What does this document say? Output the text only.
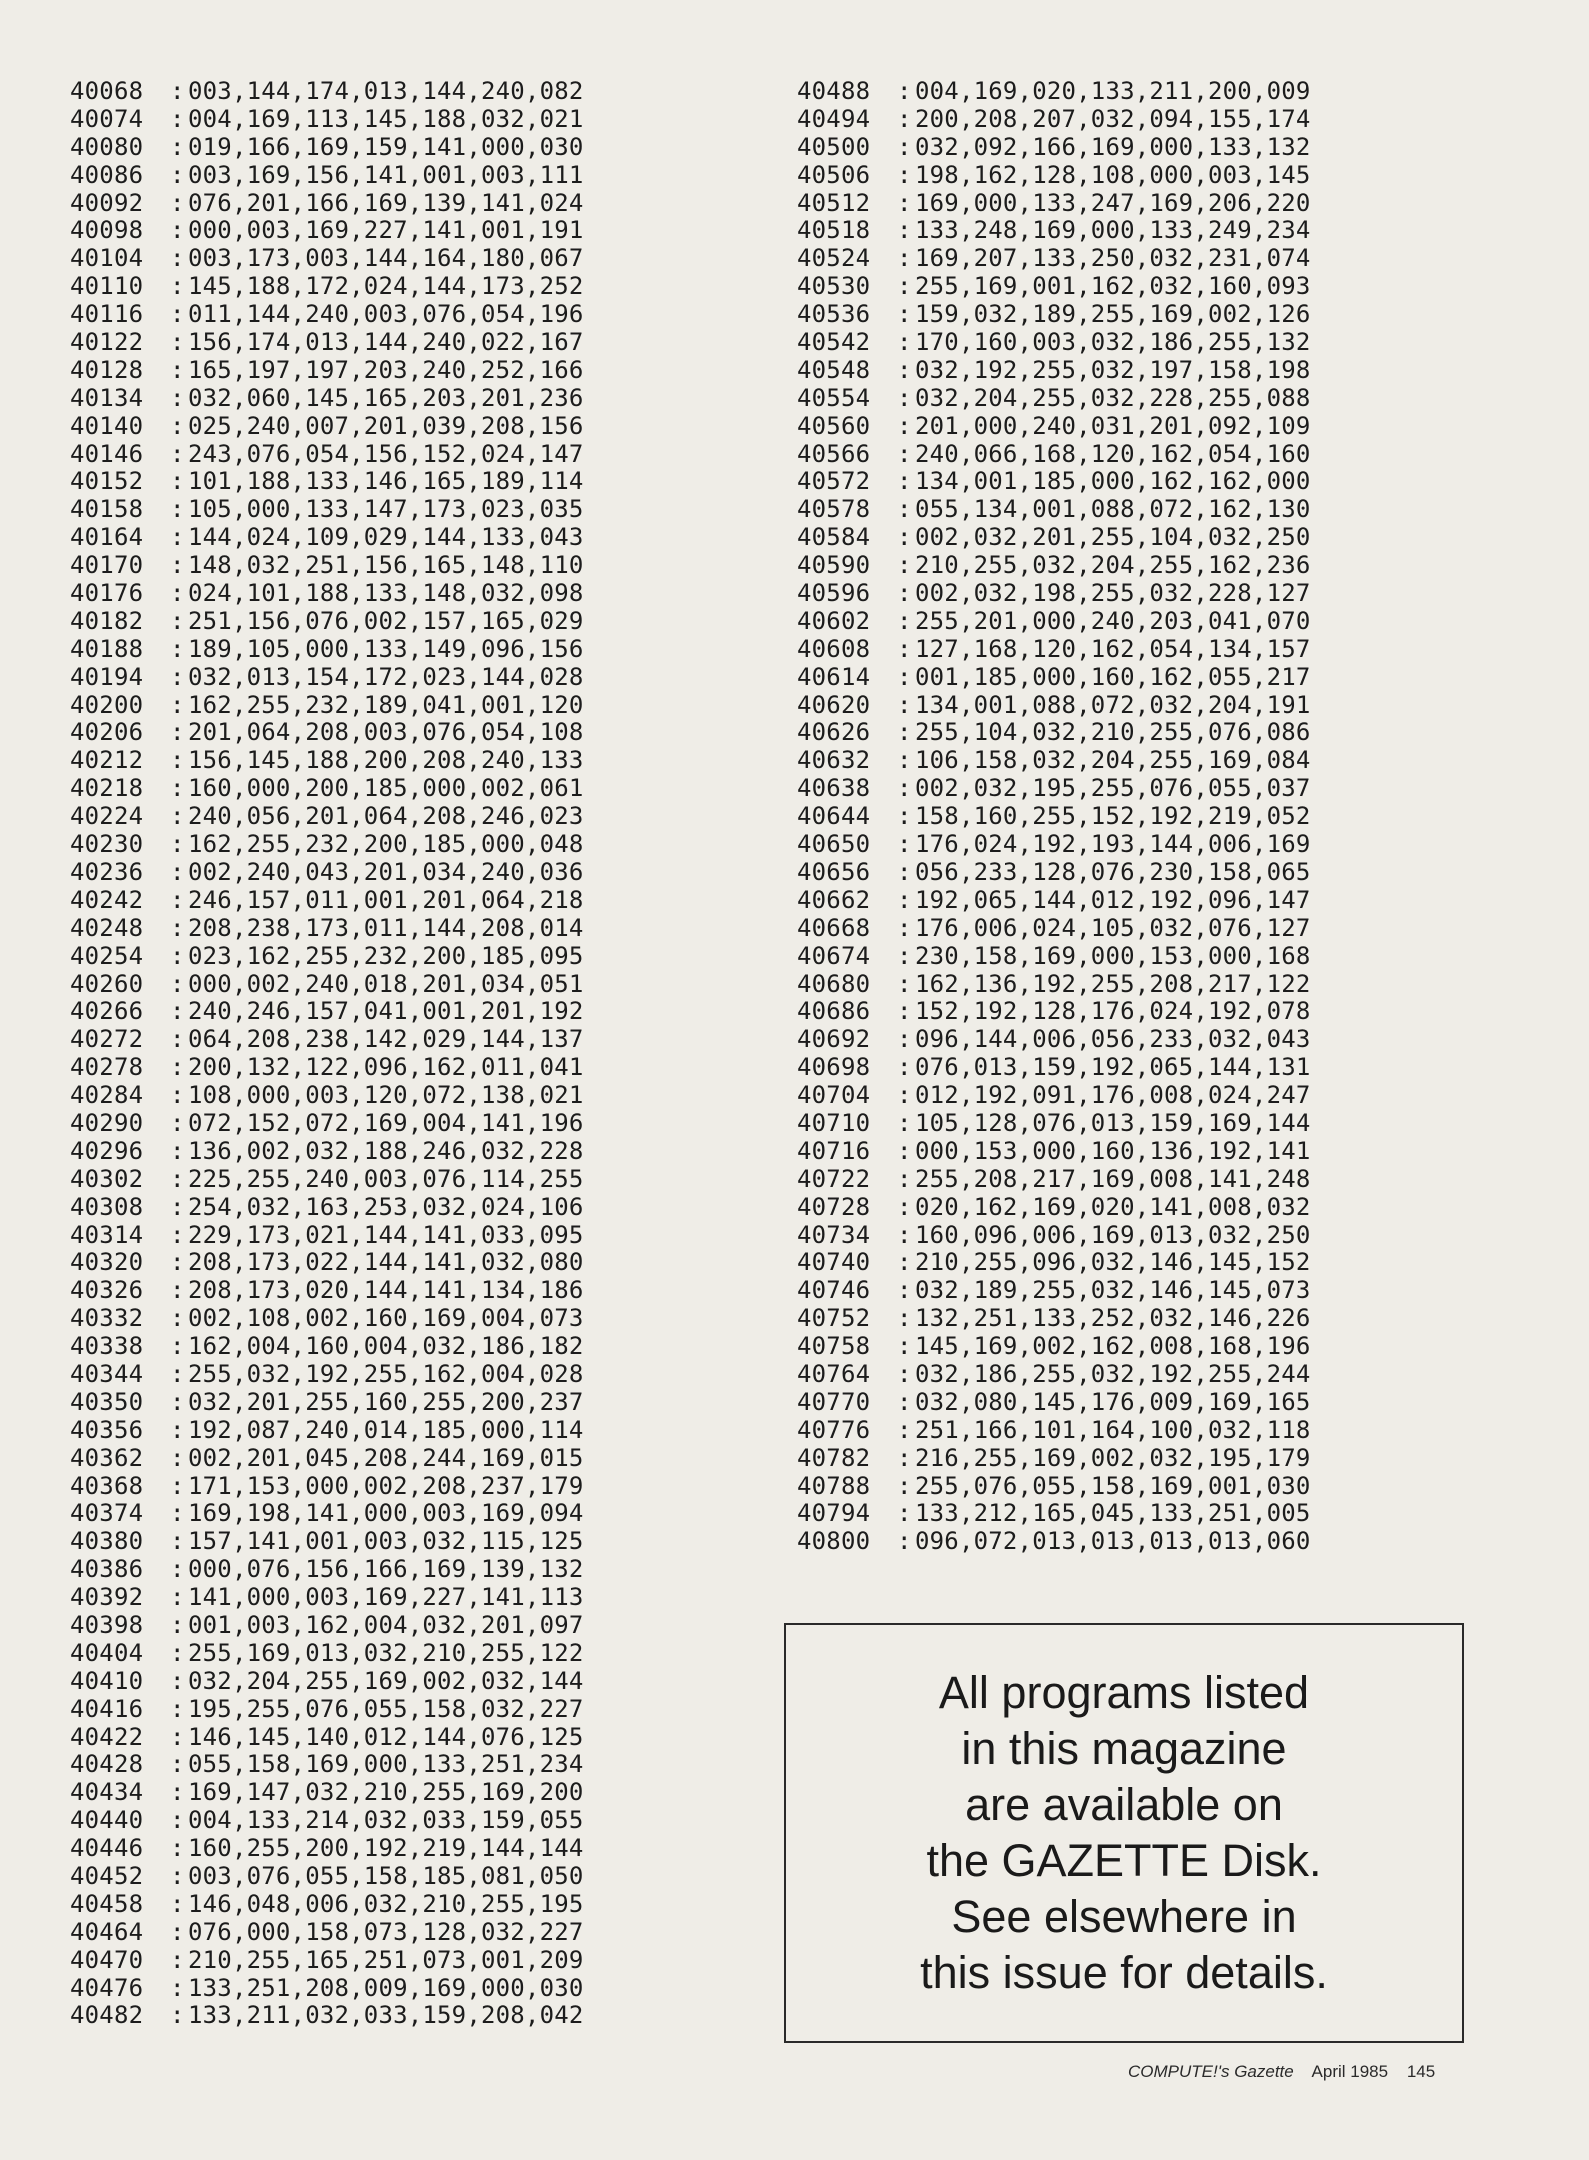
40068 : 003,144,174,013,144,240,082
40074 : 004,169,113,145,188,032,021
40080 : 019,166,169,159,141,000,030
40086 : 003,169,156,141,001,003,111
40092 : 076,201,166,169,139,141,024
40098 : 000,003,169,227,141,001,191
40104 : 003,173,003,144,164,180,067
40110 : 145,188,172,024,144,173,252
40116 : 011,144,240,003,076,054,196
40122 : 156,174,013,144,240,022,167
40128 : 165,197,197,203,240,252,166
40134 : 032,060,145,165,203,201,236
40140 : 025,240,007,201,039,208,156
40146 : 243,076,054,156,152,024,147
40152 : 101,188,133,146,165,189,114
40158 : 105,000,133,147,173,023,035
40164 : 144,024,109,029,144,133,043
40170 : 148,032,251,156,165,148,110
40176 : 024,101,188,133,148,032,098
40182 : 251,156,076,002,157,165,029
40188 : 189,105,000,133,149,096,156
40194 : 032,013,154,172,023,144,028
40200 : 162,255,232,189,041,001,120
40206 : 201,064,208,003,076,054,108
40212 : 156,145,188,200,208,240,133
40218 : 160,000,200,185,000,002,061
40224 : 240,056,201,064,208,246,023
40230 : 162,255,232,200,185,000,048
40236 : 002,240,043,201,034,240,036
40242 : 246,157,011,001,201,064,218
40248 : 208,238,173,011,144,208,014
40254 : 023,162,255,232,200,185,095
40260 : 000,002,240,018,201,034,051
40266 : 240,246,157,041,001,201,192
40272 : 064,208,238,142,029,144,137
40278 : 200,132,122,096,162,011,041
40284 : 108,000,003,120,072,138,021
40290 : 072,152,072,169,004,141,196
40296 : 136,002,032,188,246,032,228
40302 : 225,255,240,003,076,114,255
40308 : 254,032,163,253,032,024,106
40314 : 229,173,021,144,141,033,095
40320 : 208,173,022,144,141,032,080
40326 : 208,173,020,144,141,134,186
40332 : 002,108,002,160,169,004,073
40338 : 162,004,160,004,032,186,182
40344 : 255,032,192,255,162,004,028
40350 : 032,201,255,160,255,200,237
40356 : 192,087,240,014,185,000,114
40362 : 002,201,045,208,244,169,015
40368 : 171,153,000,002,208,237,179
40374 : 169,198,141,000,003,169,094
40380 : 157,141,001,003,032,115,125
40386 : 000,076,156,166,169,139,132
40392 : 141,000,003,169,227,141,113
40398 : 001,003,162,004,032,201,097
40404 : 255,169,013,032,210,255,122
40410 : 032,204,255,169,002,032,144
40416 : 195,255,076,055,158,032,227
40422 : 146,145,140,012,144,076,125
40428 : 055,158,169,000,133,251,234
40434 : 169,147,032,210,255,169,200
40440 : 004,133,214,032,033,159,055
40446 : 160,255,200,192,219,144,144
40452 : 003,076,055,158,185,081,050
40458 : 146,048,006,032,210,255,195
40464 : 076,000,158,073,128,032,227
40470 : 210,255,165,251,073,001,209
40476 : 133,251,208,009,169,000,030
40482 : 133,211,032,033,159,208,042
40488 : 004,169,020,133,211,200,009
40494 : 200,208,207,032,094,155,174
40500 : 032,092,166,169,000,133,132
40506 : 198,162,128,108,000,003,145
40512 : 169,000,133,247,169,206,220
40518 : 133,248,169,000,133,249,234
40524 : 169,207,133,250,032,231,074
40530 : 255,169,001,162,032,160,093
40536 : 159,032,189,255,169,002,126
40542 : 170,160,003,032,186,255,132
40548 : 032,192,255,032,197,158,198
40554 : 032,204,255,032,228,255,088
40560 : 201,000,240,031,201,092,109
40566 : 240,066,168,120,162,054,160
40572 : 134,001,185,000,162,162,000
40578 : 055,134,001,088,072,162,130
40584 : 002,032,201,255,104,032,250
40590 : 210,255,032,204,255,162,236
40596 : 002,032,198,255,032,228,127
40602 : 255,201,000,240,203,041,070
40608 : 127,168,120,162,054,134,157
40614 : 001,185,000,160,162,055,217
40620 : 134,001,088,072,032,204,191
40626 : 255,104,032,210,255,076,086
40632 : 106,158,032,204,255,169,084
40638 : 002,032,195,255,076,055,037
40644 : 158,160,255,152,192,219,052
40650 : 176,024,192,193,144,006,169
40656 : 056,233,128,076,230,158,065
40662 : 192,065,144,012,192,096,147
40668 : 176,006,024,105,032,076,127
40674 : 230,158,169,000,153,000,168
40680 : 162,136,192,255,208,217,122
40686 : 152,192,128,176,024,192,078
40692 : 096,144,006,056,233,032,043
40698 : 076,013,159,192,065,144,131
40704 : 012,192,091,176,008,024,247
40710 : 105,128,076,013,159,169,144
40716 : 000,153,000,160,136,192,141
40722 : 255,208,217,169,008,141,248
40728 : 020,162,169,020,141,008,032
40734 : 160,096,006,169,013,032,250
40740 : 210,255,096,032,146,145,152
40746 : 032,189,255,032,146,145,073
40752 : 132,251,133,252,032,146,226
40758 : 145,169,002,162,008,168,196
40764 : 032,186,255,032,192,255,244
40770 : 032,080,145,176,009,169,165
40776 : 251,166,101,164,100,032,118
40782 : 216,255,169,002,032,195,179
40788 : 255,076,055,158,169,001,030
40794 : 133,212,165,045,133,251,005
40800 : 096,072,013,013,013,013,060
All programs listed
in this magazine
are available on
the GAZETTE Disk.
See elsewhere in
this issue for details.
COMPUTE!'s Gazette April 1985 145
